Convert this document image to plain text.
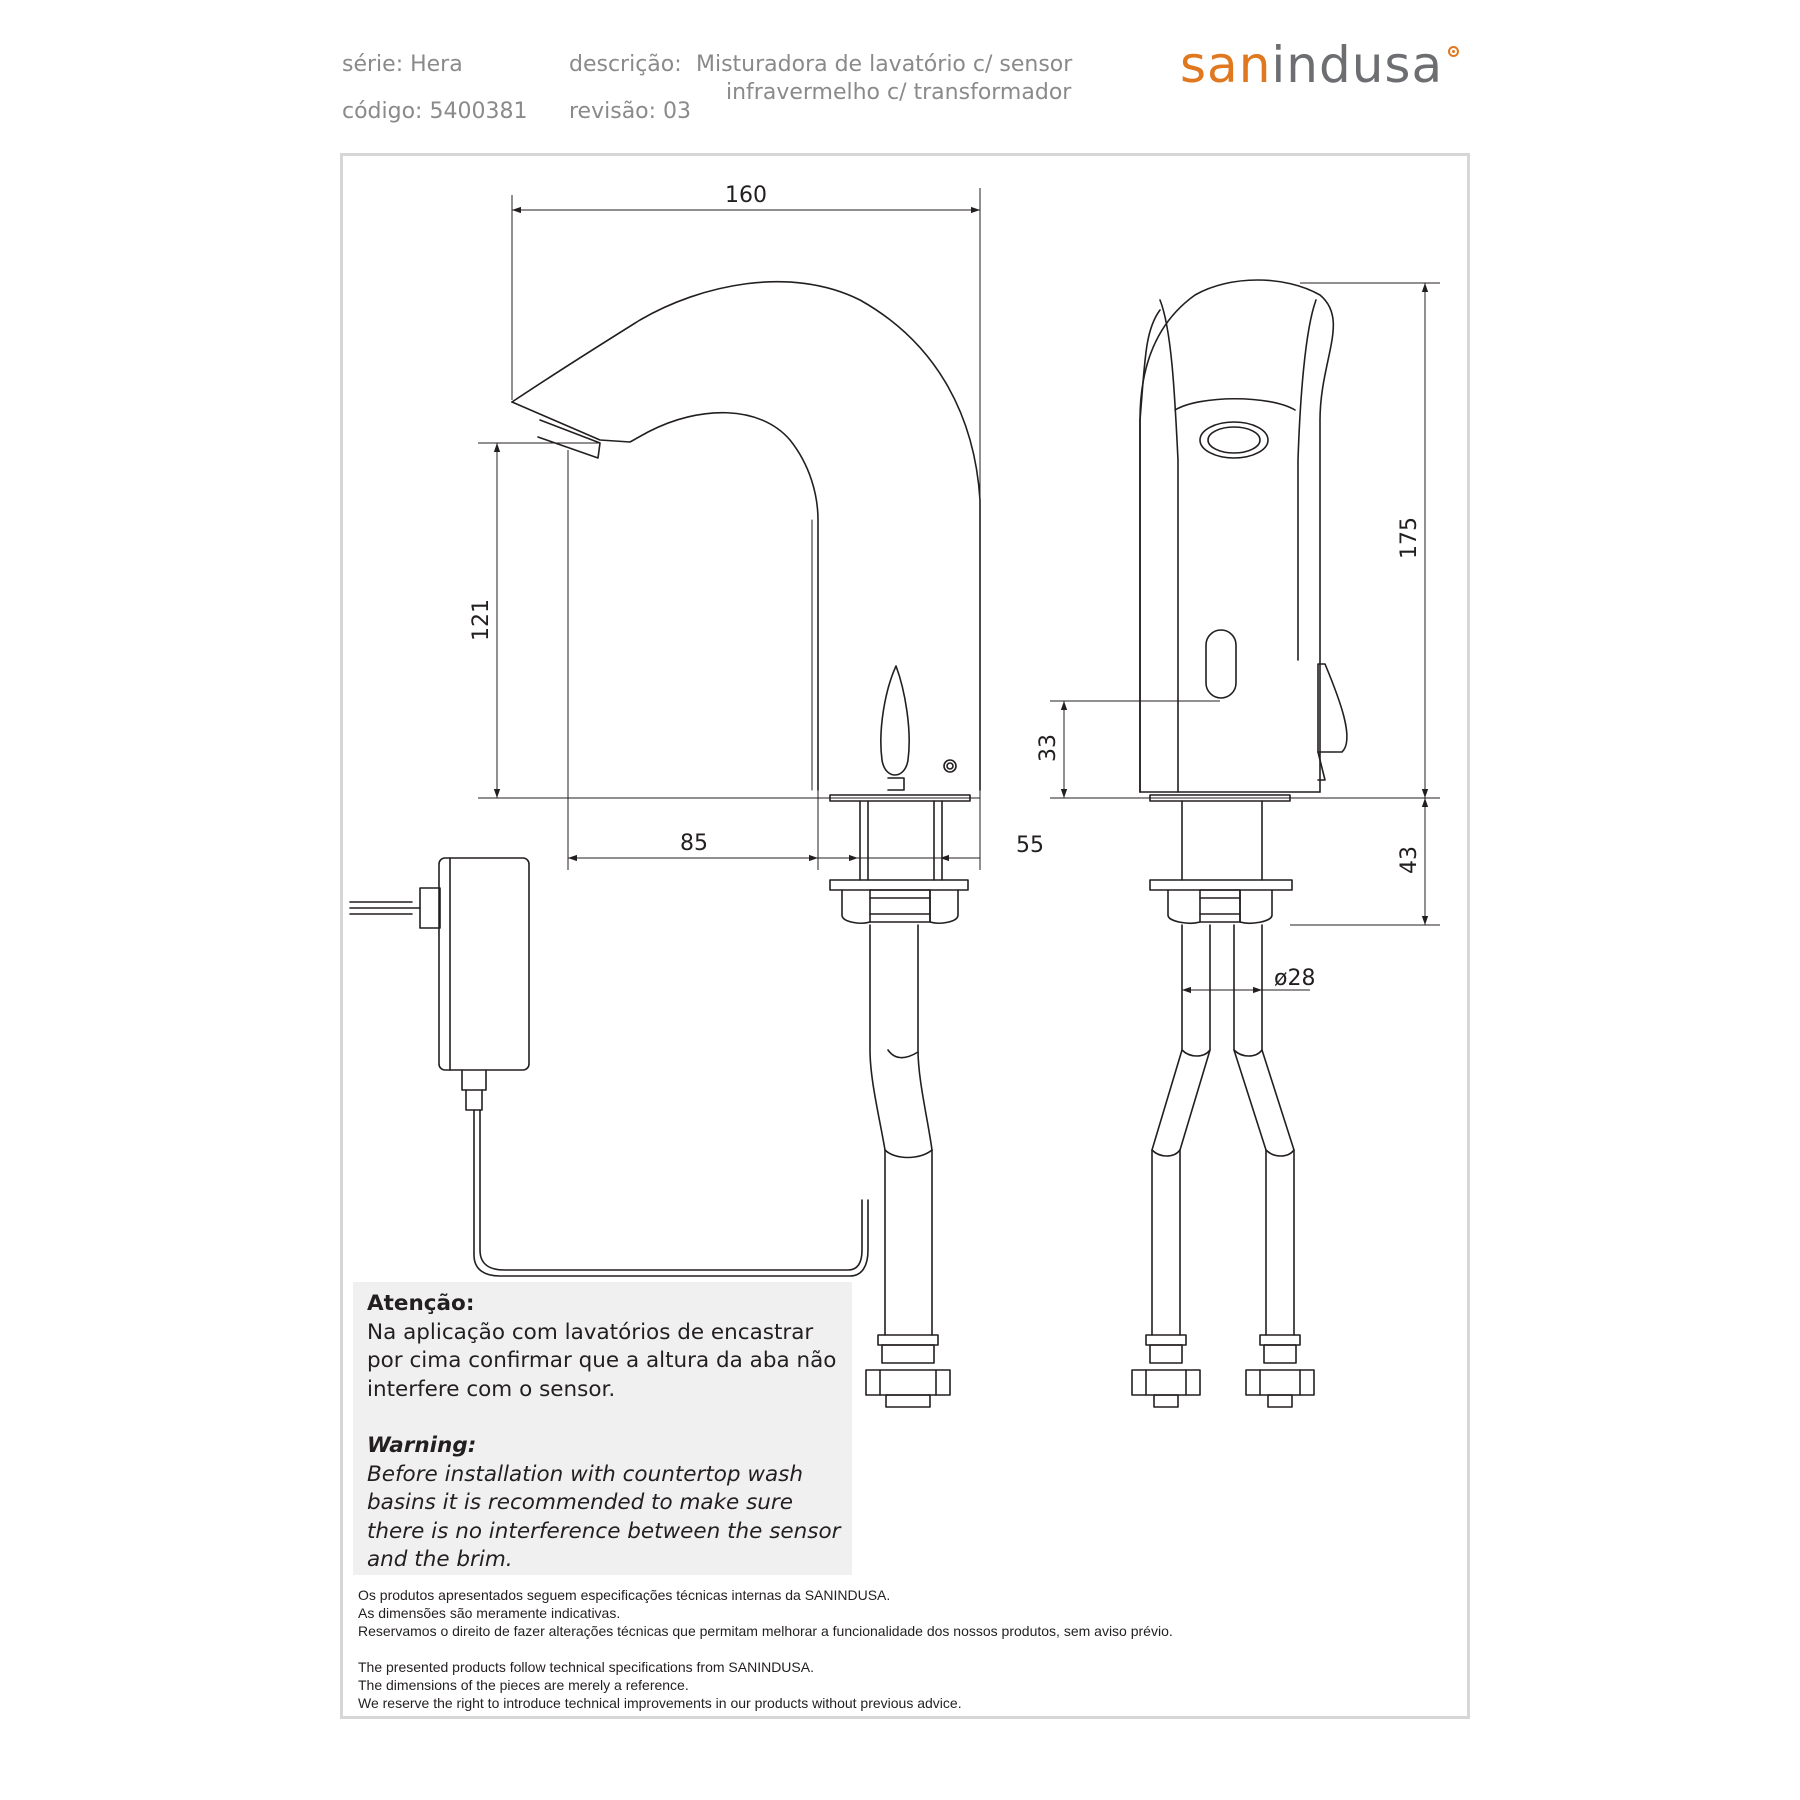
série: Hera
código: 5400381
descrição: Misturadora de lavatório c/ sensor
infravermelho c/ transformador
revisão: 03
sanindusa
160
121
85	55
175
33
43
ø28
Atenção:
Na aplicação com lavatórios de encastrar
por cima confirmar que a altura da aba não
interfere com o sensor.
Warning:
Before installation with countertop wash
basins it is recommended to make sure
there is no interference between the sensor
and the brim.
Os produtos apresentados seguem especificações técnicas internas da SANINDUSA.
As dimensões são meramente indicativas.
Reservamos o direito de fazer alterações técnicas que permitam melhorar a funcionalidade dos nossos produtos, sem aviso prévio.
The presented products follow technical specifications from SANINDUSA.
The dimensions of the pieces are merely a reference.
We reserve the right to introduce technical improvements in our products without previous advice.
